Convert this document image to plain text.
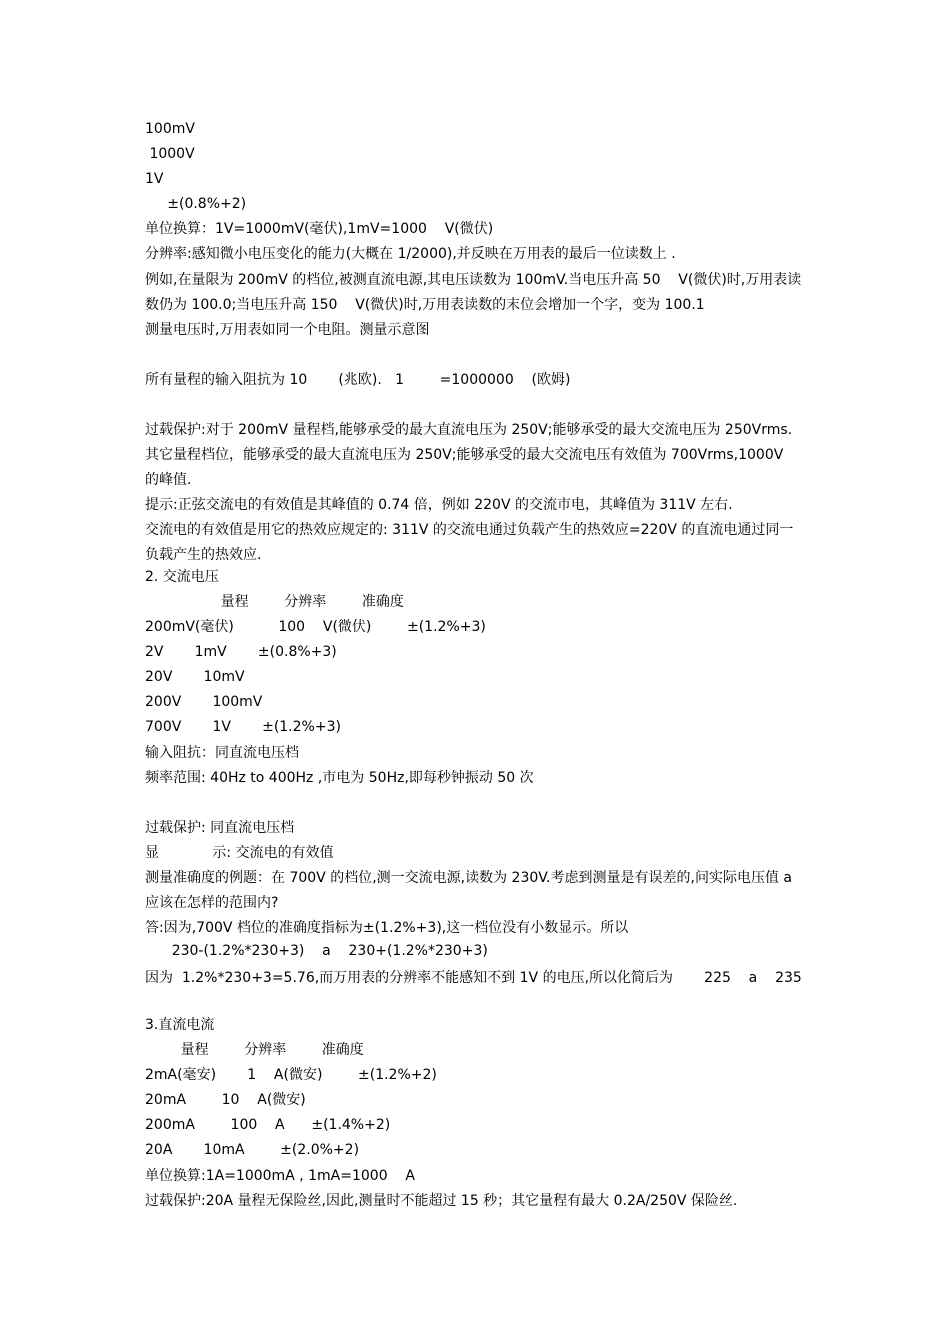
100mV
1000V
1V
±(0.8%+2)
单位换算：1V=1000mV(毫伏),1mV=1000    V(微伏)
分辨率:感知微小电压变化的能力(大概在 1/2000),并反映在万用表的最后一位读数上 .
例如,在量限为 200mV 的档位,被测直流电源,其电压读数为 100mV.当电压升高 50    V(微伏)时,万用表读
数仍为 100.0;当电压升高 150    V(微伏)时,万用表读数的末位会增加一个字，变为 100.1
测量电压时,万用表如同一个电阻。测量示意图
所有量程的输入阻抗为 10       (兆欧).   1        =1000000    (欧姆)
过载保护:对于 200mV 量程档,能够承受的最大直流电压为 250V;能够承受的最大交流电压为 250Vrms.
其它量程档位，能够承受的最大直流电压为 250V;能够承受的最大交流电压有效值为 700Vrms,1000V
的峰值.
提示:正弦交流电的有效值是其峰值的 0.74 倍，例如 220V 的交流市电，其峰值为 311V 左右.
交流电的有效值是用它的热效应规定的: 311V 的交流电通过负载产生的热效应=220V 的直流电通过同一
负载产生的热效应.
2. 交流电压
量程        分辨率        准确度
200mV(毫伏)          100    V(微伏)        ±(1.2%+3)
2V       1mV       ±(0.8%+3)
20V       10mV
200V       100mV
700V       1V       ±(1.2%+3)
输入阻抗：同直流电压档
频率范围: 40Hz to 400Hz ,市电为 50Hz,即每秒钟振动 50 次
过载保护: 同直流电压档
显            示: 交流电的有效值
测量准确度的例题：在 700V 的档位,测一交流电源,读数为 230V.考虑到测量是有误差的,问实际电压值 a
应该在怎样的范围内?
答:因为,700V 档位的准确度指标为±(1.2%+3),这一档位没有小数显示。所以
230-(1.2%*230+3)    a    230+(1.2%*230+3)
因为  1.2%*230+3=5.76,而万用表的分辨率不能感知不到 1V 的电压,所以化简后为       225    a    235
3.直流电流
量程        分辨率        准确度
2mA(毫安)       1    A(微安)        ±(1.2%+2)
20mA        10    A(微安)
200mA        100    A      ±(1.4%+2)
20A       10mA        ±(2.0%+2)
单位换算:1A=1000mA , 1mA=1000    A
过载保护:20A 量程无保险丝,因此,测量时不能超过 15 秒；其它量程有最大 0.2A/250V 保险丝.
